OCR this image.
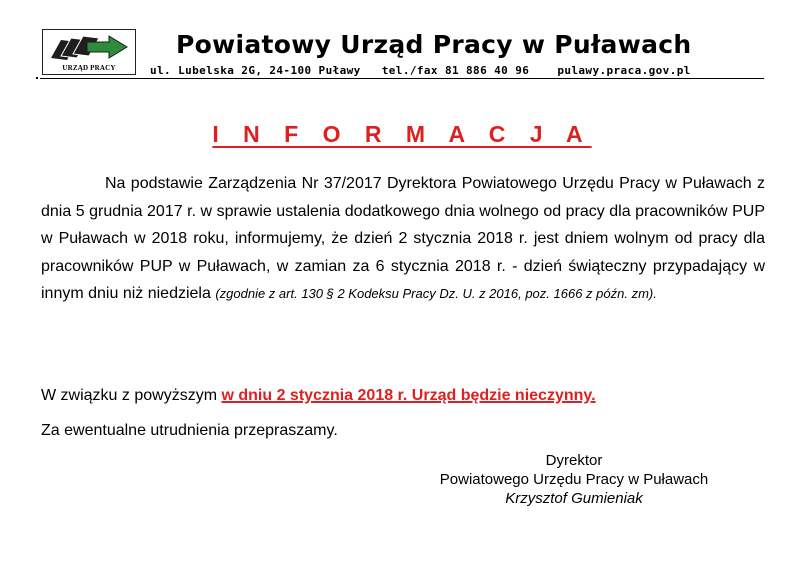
URZĄD PRACY
Powiatowy Urząd Pracy w Puławach
ul. Lubelska 2G, 24-100 Puławy tel./fax 81 886 40 96	pulawy.praca.gov.pl
I N F O R M A C J A
Na podstawie Zarządzenia Nr 37/2017 Dyrektora Powiatowego Urzędu Pracy w Puławach z dnia 5 grudnia 2017 r. w sprawie ustalenia dodatkowego dnia wolnego od pracy dla pracowników PUP w Puławach w 2018 roku, informujemy, że dzień 2 stycznia 2018 r. jest dniem wolnym od pracy dla pracowników PUP w Puławach, w zamian za 6 stycznia 2018 r. - dzień świąteczny przypadający w innym dniu niż niedziela (zgodnie z art. 130 § 2 Kodeksu Pracy Dz. U. z 2016, poz. 1666 z późn. zm).
W związku z powyższym w dniu 2 stycznia 2018 r. Urząd będzie nieczynny.
Za ewentualne utrudnienia przepraszamy.
Dyrektor
Powiatowego Urzędu Pracy w Puławach
Krzysztof Gumieniak
